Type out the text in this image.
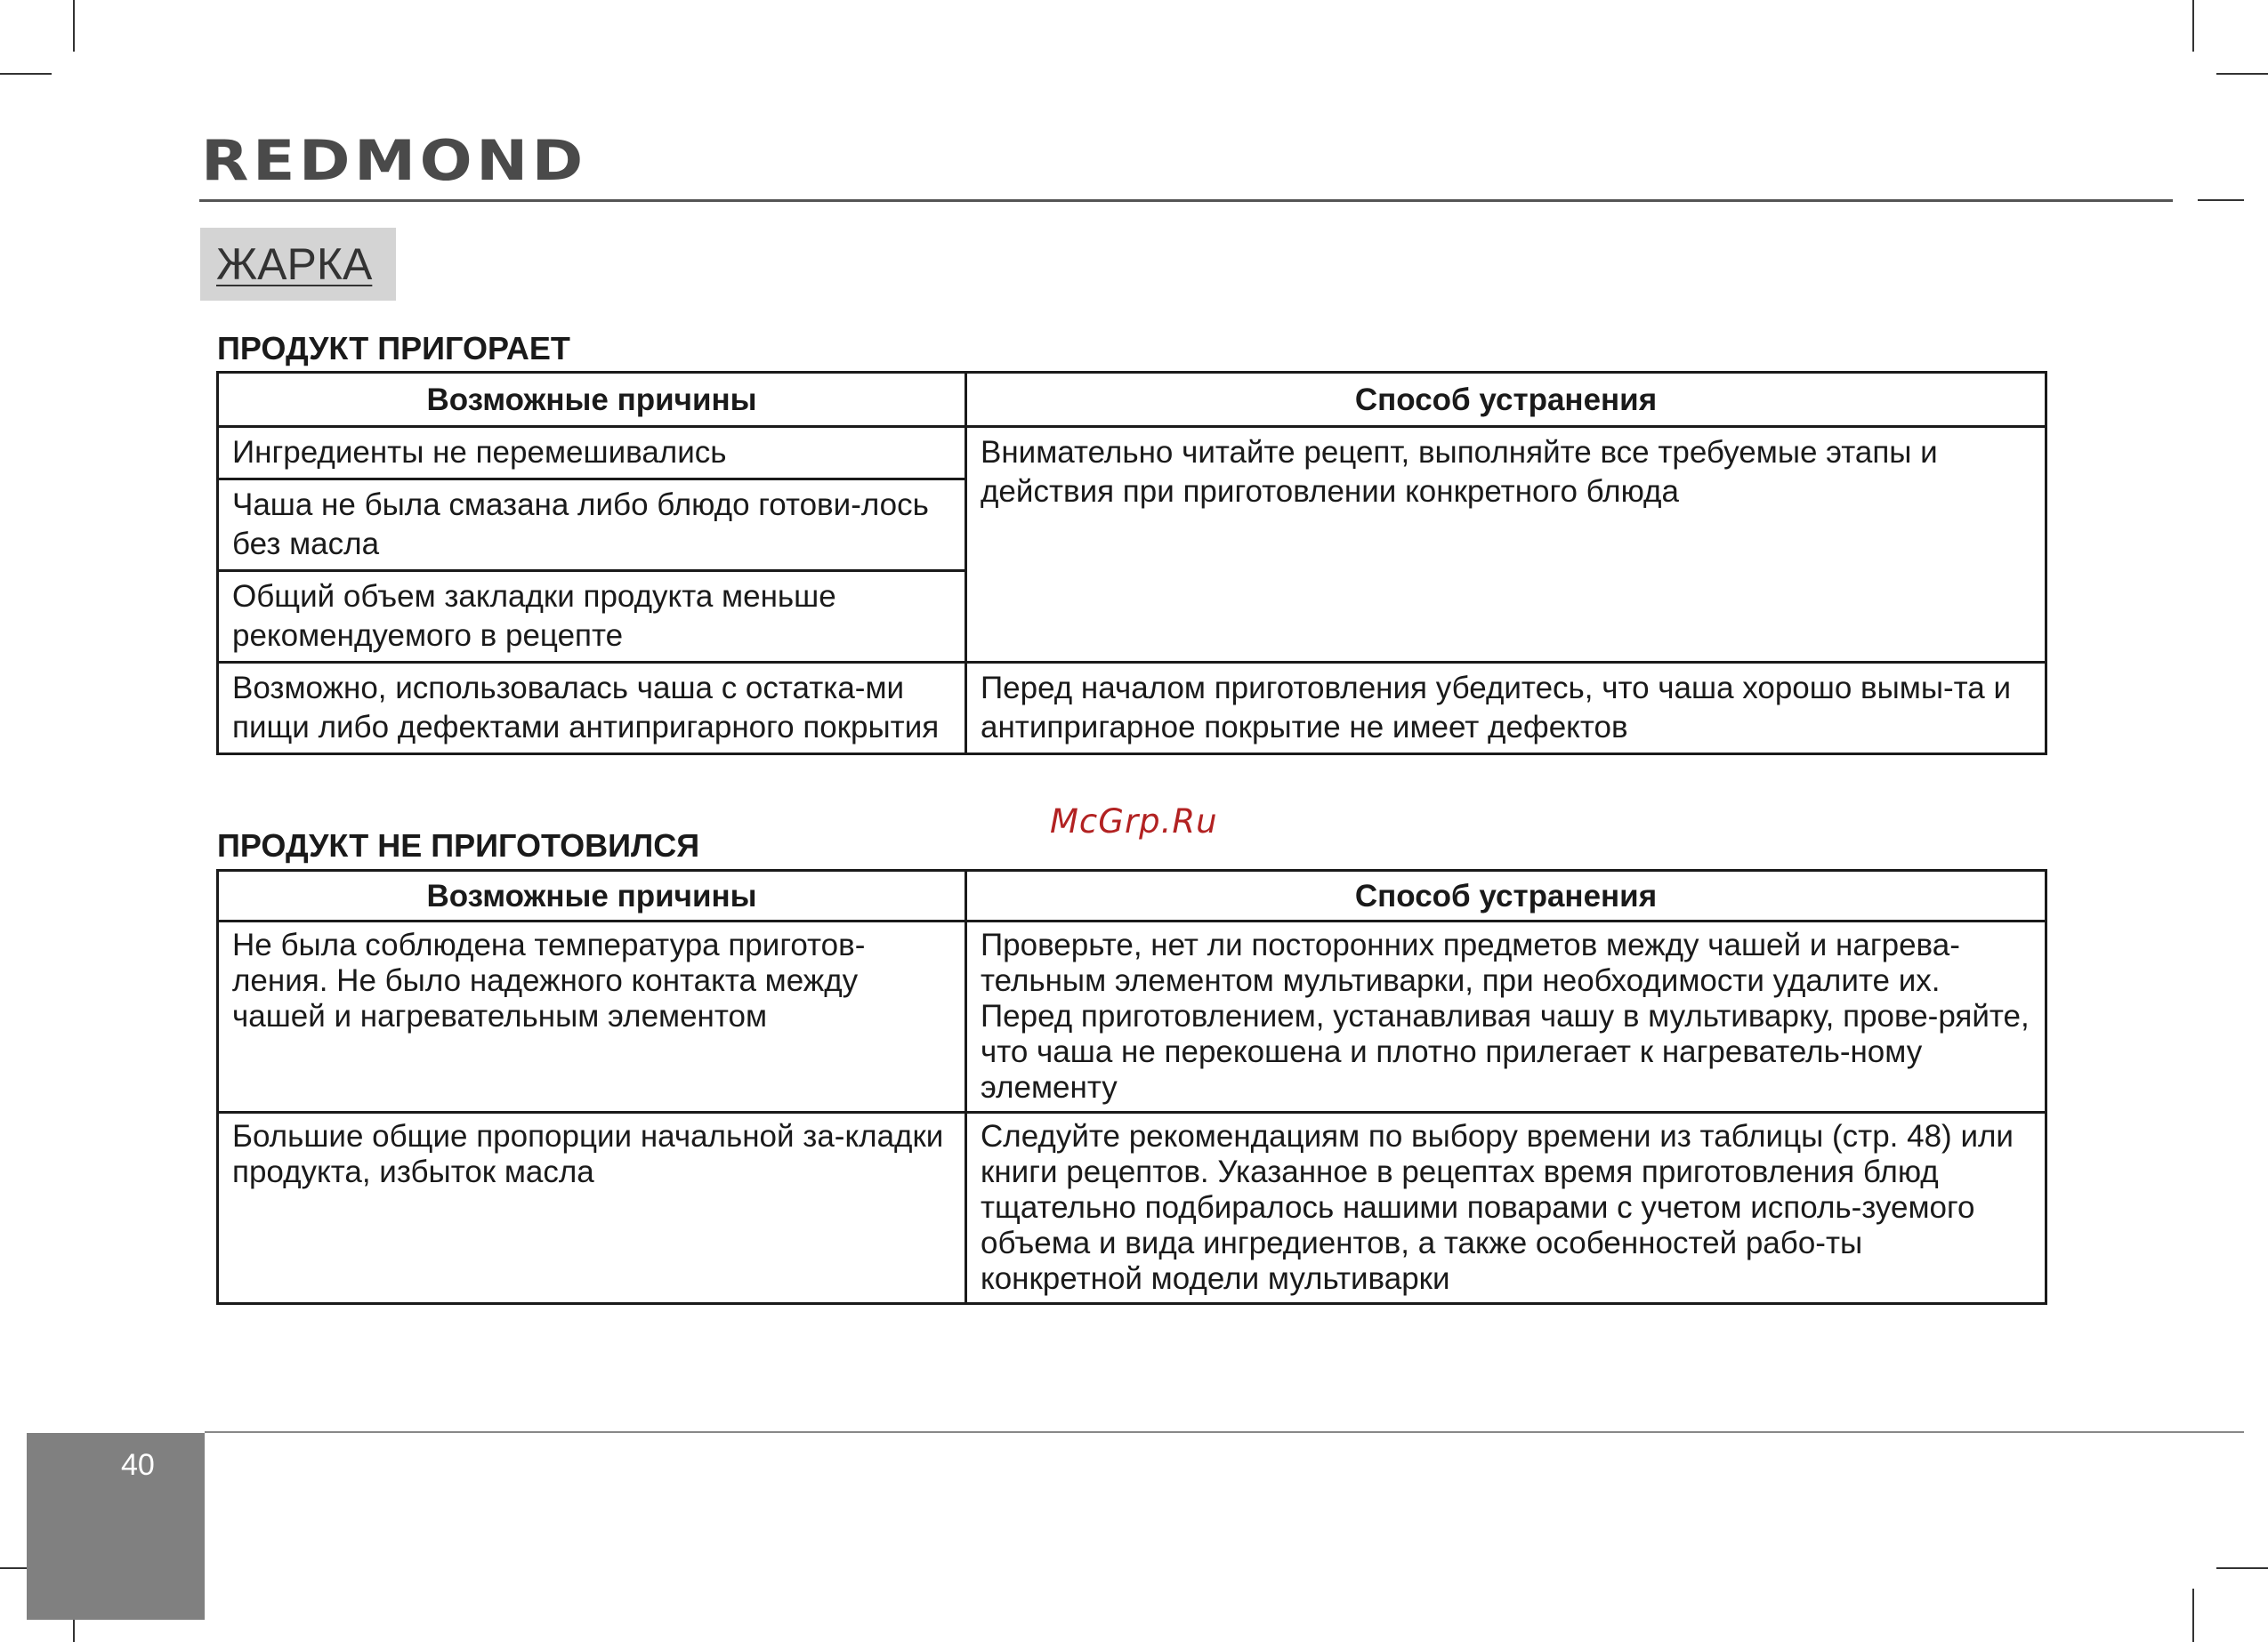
REDMOND
ЖАРКА
ПРОДУКТ ПРИГОРАЕТ
Возможные причины	Способ устранения
Ингредиенты не перемешивались	Внимательно читайте рецепт, выполняйте все требуемые этапы и действия при приготовлении конкретного блюда
Чаша не была смазана либо блюдо готови-лось без масла	
Общий объем закладки продукта меньше рекомендуемого в рецепте	
Возможно, использовалась чаша с остатка-ми пищи либо дефектами антипригарного покрытия	Перед началом приготовления убедитесь, что чаша хорошо вымы-та и антипригарное покрытие не имеет дефектов
McGrp.Ru
ПРОДУКТ НЕ ПРИГОТОВИЛСЯ
Возможные причины	Способ устранения
Не была соблюдена температура приготов-ления. Не было надежного контакта между чашей и нагревательным элементом	Проверьте, нет ли посторонних предметов между чашей и нагрева-тельным элементом мультиварки, при необходимости удалите их. Перед приготовлением, устанавливая чашу в мультиварку, прове-ряйте, что чаша не перекошена и плотно прилегает к нагреватель-ному элементу
Большие общие пропорции начальной за-кладки продукта, избыток масла	Следуйте рекомендациям по выбору времени из таблицы (стр. 48) или книги рецептов. Указанное в рецептах время приготовления блюд тщательно подбиралось нашими поварами с учетом исполь-зуемого объема и вида ингредиентов, а также особенностей рабо-ты конкретной модели мультиварки
40
